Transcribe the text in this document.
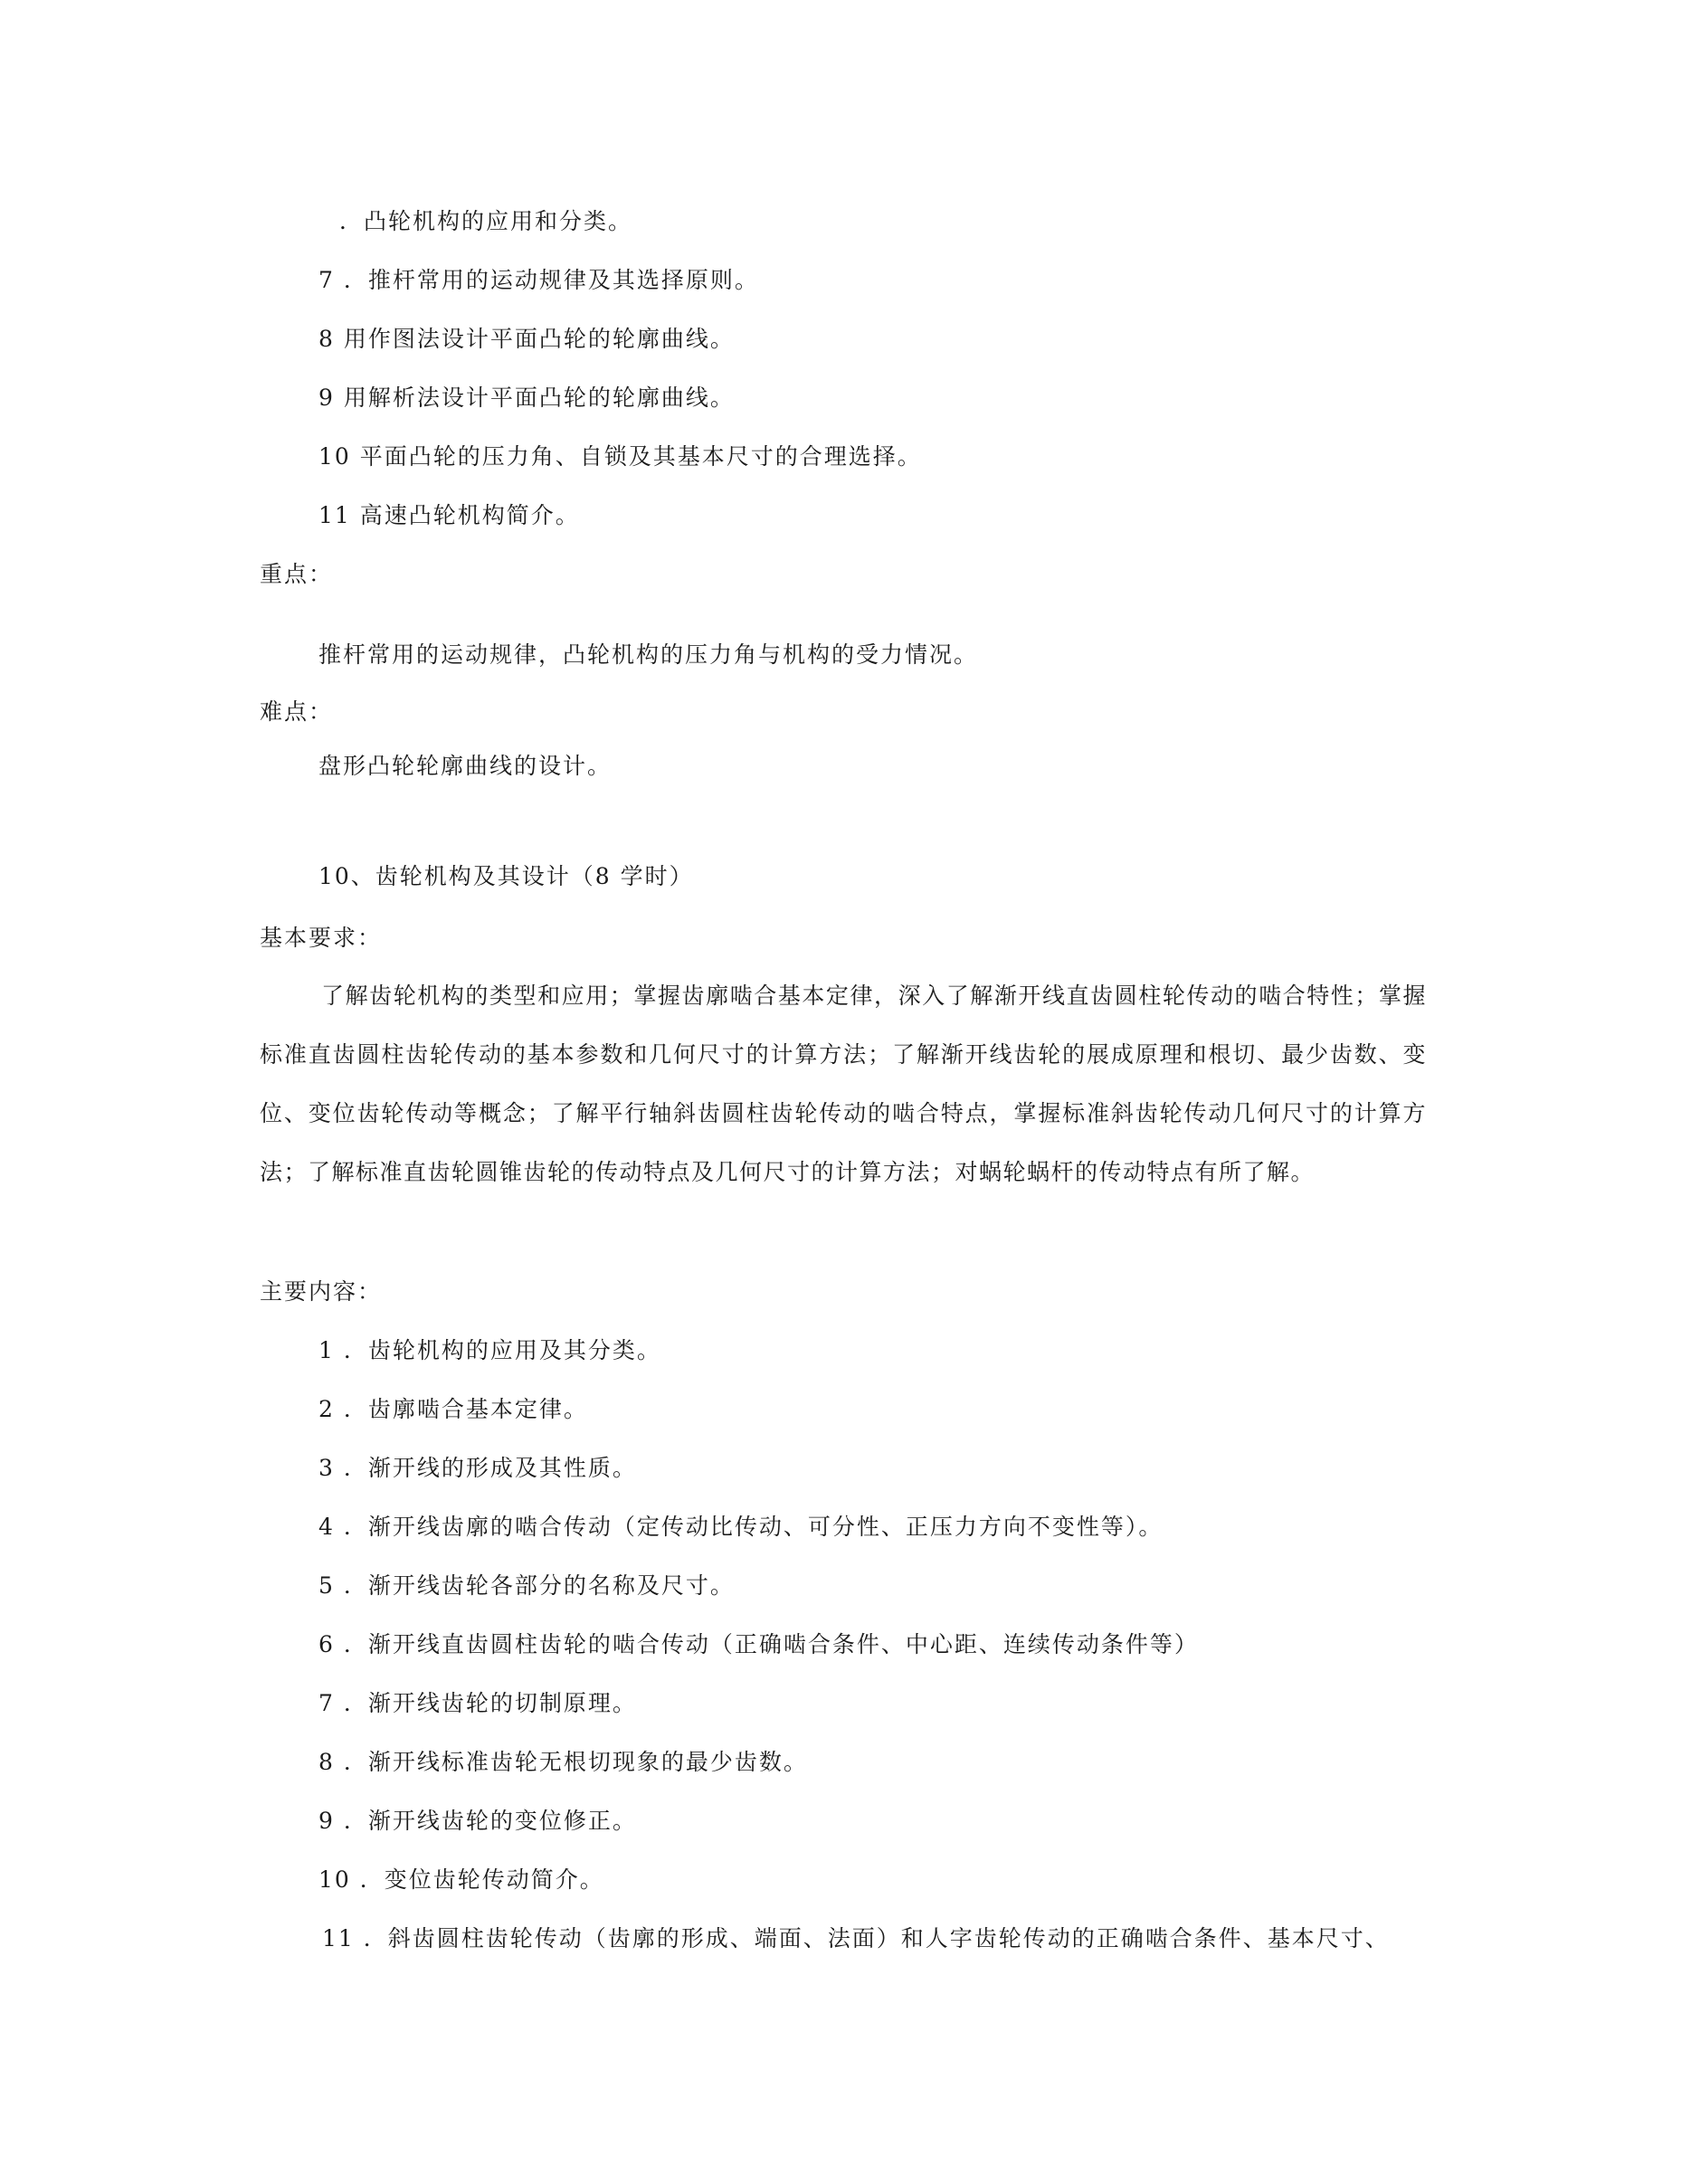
．凸轮机构的应用和分类。
7 ．推杆常用的运动规律及其选择原则。
8 用作图法设计平面凸轮的轮廓曲线。
9 用解析法设计平面凸轮的轮廓曲线。
10 平面凸轮的压力角、自锁及其基本尺寸的合理选择。
11 高速凸轮机构简介。
重点：
推杆常用的运动规律，凸轮机构的压力角与机构的受力情况。
难点：
盘形凸轮轮廓曲线的设计。
10、齿轮机构及其设计（8 学时）
基本要求：
了解齿轮机构的类型和应用；掌握齿廓啮合基本定律，深入了解渐开线直齿圆柱轮传动的啮合特性；掌握标准直齿圆柱齿轮传动的基本参数和几何尺寸的计算方法；了解渐开线齿轮的展成原理和根切、最少齿数、变位、变位齿轮传动等概念；了解平行轴斜齿圆柱齿轮传动的啮合特点，掌握标准斜齿轮传动几何尺寸的计算方法；了解标准直齿轮圆锥齿轮的传动特点及几何尺寸的计算方法；对蜗轮蜗杆的传动特点有所了解。
主要内容：
1 ．齿轮机构的应用及其分类。
2 ．齿廓啮合基本定律。
3 ．渐开线的形成及其性质。
4 ．渐开线齿廓的啮合传动（定传动比传动、可分性、正压力方向不变性等）。
5 ．渐开线齿轮各部分的名称及尺寸。
6 ．渐开线直齿圆柱齿轮的啮合传动（正确啮合条件、中心距、连续传动条件等）
7 ．渐开线齿轮的切制原理。
8 ．渐开线标准齿轮无根切现象的最少齿数。
9 ．渐开线齿轮的变位修正。
10 ．变位齿轮传动简介。
11 ．斜齿圆柱齿轮传动（齿廓的形成、端面、法面）和人字齿轮传动的正确啮合条件、基本尺寸、
